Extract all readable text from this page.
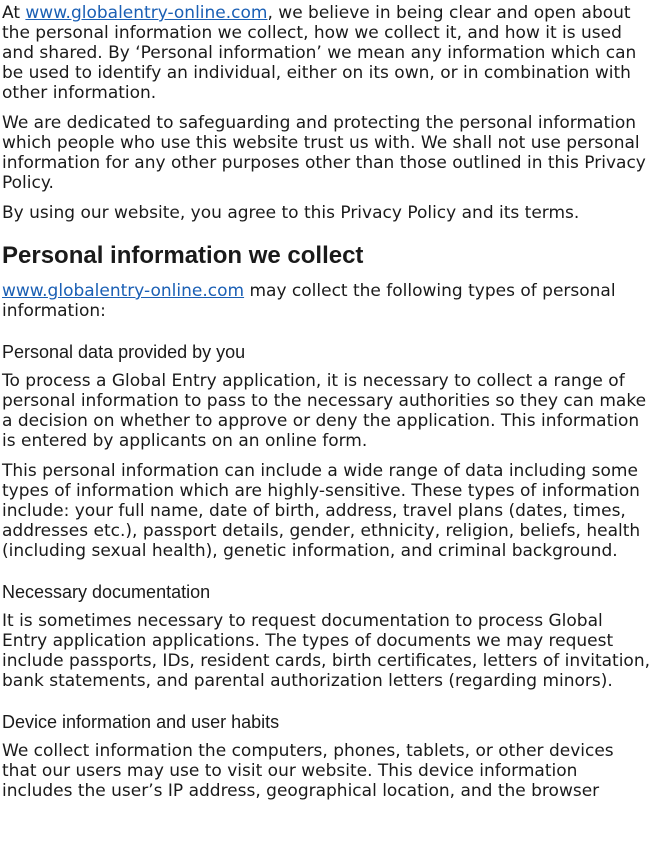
At www.globalentry-online.com, we believe in being clear and open about the personal information we collect, how we collect it, and how it is used and shared. By ‘Personal information’ we mean any information which can be used to identify an individual, either on its own, or in combination with other information.

We are dedicated to safeguarding and protecting the personal information which people who use this website trust us with. We shall not use personal information for any other purposes other than those outlined in this Privacy Policy.

By using our website, you agree to this Privacy Policy and its terms.

Personal information we collect

www.globalentry-online.com may collect the following types of personal information:

Personal data provided by you

To process a Global Entry application, it is necessary to collect a range of personal information to pass to the necessary authorities so they can make a decision on whether to approve or deny the application. This information is entered by applicants on an online form.

This personal information can include a wide range of data including some types of information which are highly-sensitive. These types of information include: your full name, date of birth, address, travel plans (dates, times, addresses etc.), passport details, gender, ethnicity, religion, beliefs, health (including sexual health), genetic information, and criminal background.

Necessary documentation

It is sometimes necessary to request documentation to process Global Entry application applications. The types of documents we may request include passports, IDs, resident cards, birth certificates, letters of invitation, bank statements, and parental authorization letters (regarding minors).

Device information and user habits

We collect information the computers, phones, tablets, or other devices that our users may use to visit our website. This device information includes the user’s IP address, geographical location, and the browser
